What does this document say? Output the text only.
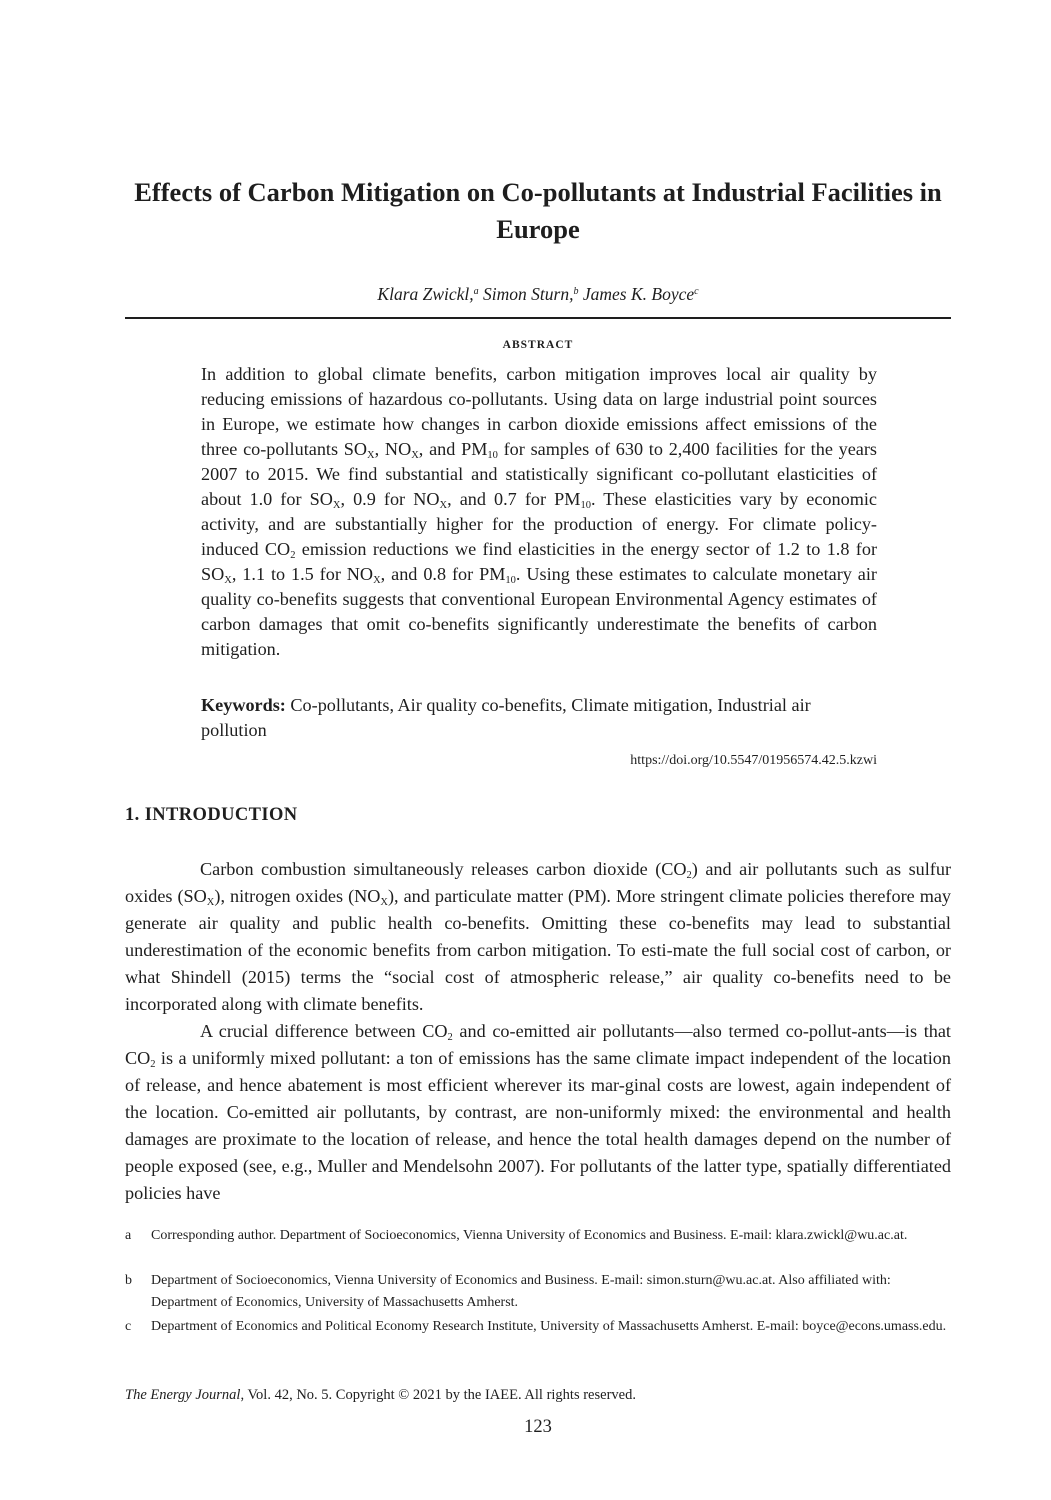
Effects of Carbon Mitigation on Co-pollutants at Industrial Facilities in Europe
Klara Zwickl,$^a$ Simon Sturn,$^b$ James K. Boyce$^c$
ABSTRACT

In addition to global climate benefits, carbon mitigation improves local air quality by reducing emissions of hazardous co-pollutants. Using data on large industrial point sources in Europe, we estimate how changes in carbon dioxide emissions affect emissions of the three co-pollutants $SO_X$, $NO_X$, and $PM_{10}$ for samples of 630 to 2,400 facilities for the years 2007 to 2015. We find substantial and statistically significant co-pollutant elasticities of about 1.0 for $SO_X$, 0.9 for $NO_X$, and 0.7 for $PM_{10}$. These elasticities vary by economic activity, and are substantially higher for the production of energy. For climate policy-induced $CO_2$ emission reductions we find elasticities in the energy sector of 1.2 to 1.8 for $SO_X$, 1.1 to 1.5 for $NO_X$, and 0.8 for $PM_{10}$. Using these estimates to calculate monetary air quality co-benefits suggests that conventional European Environmental Agency estimates of carbon damages that omit co-benefits significantly underestimate the benefits of carbon mitigation.

Keywords: Co-pollutants, Air quality co-benefits, Climate mitigation, Industrial air pollution

https://doi.org/10.5547/01956574.42.5.kzwi
1. INTRODUCTION

Carbon combustion simultaneously releases carbon dioxide $(CO_2)$ and air pollutants such as sulfur oxides $(SO_X)$, nitrogen oxides $(NO_X)$, and particulate matter (PM). More stringent climate policies therefore may generate air quality and public health co-benefits. Omitting these co-benefits may lead to substantial underestimation of the economic benefits from carbon mitigation. To esti-mate the full social cost of carbon, or what Shindell (2015) terms the “social cost of atmospheric release,” air quality co-benefits need to be incorporated along with climate benefits.

A crucial difference between $CO_2$ and co-emitted air pollutants—also termed co-pollut-ants—is that $CO_2$ is a uniformly mixed pollutant: a ton of emissions has the same climate impact independent of the location of release, and hence abatement is most efficient wherever its mar-ginal costs are lowest, again independent of the location. Co-emitted air pollutants, by contrast, are non-uniformly mixed: the environmental and health damages are proximate to the location of release, and hence the total health damages depend on the number of people exposed (see, e.g., Muller and Mendelsohn 2007). For pollutants of the latter type, spatially differentiated policies have

a	Corresponding author. Department of Socioeconomics, Vienna University of Economics and Business. E-mail: klara.zwickl@wu.ac.at.
b	Department of Socioeconomics, Vienna University of Economics and Business. E-mail: simon.sturn@wu.ac.at. Also affiliated with: Department of Economics, University of Massachusetts Amherst.
c	Department of Economics and Political Economy Research Institute, University of Massachusetts Amherst. E-mail: boyce@econs.umass.edu.
The Energy Journal, Vol. 42, No. 5. Copyright © 2021 by the IAEE. All rights reserved.
123
